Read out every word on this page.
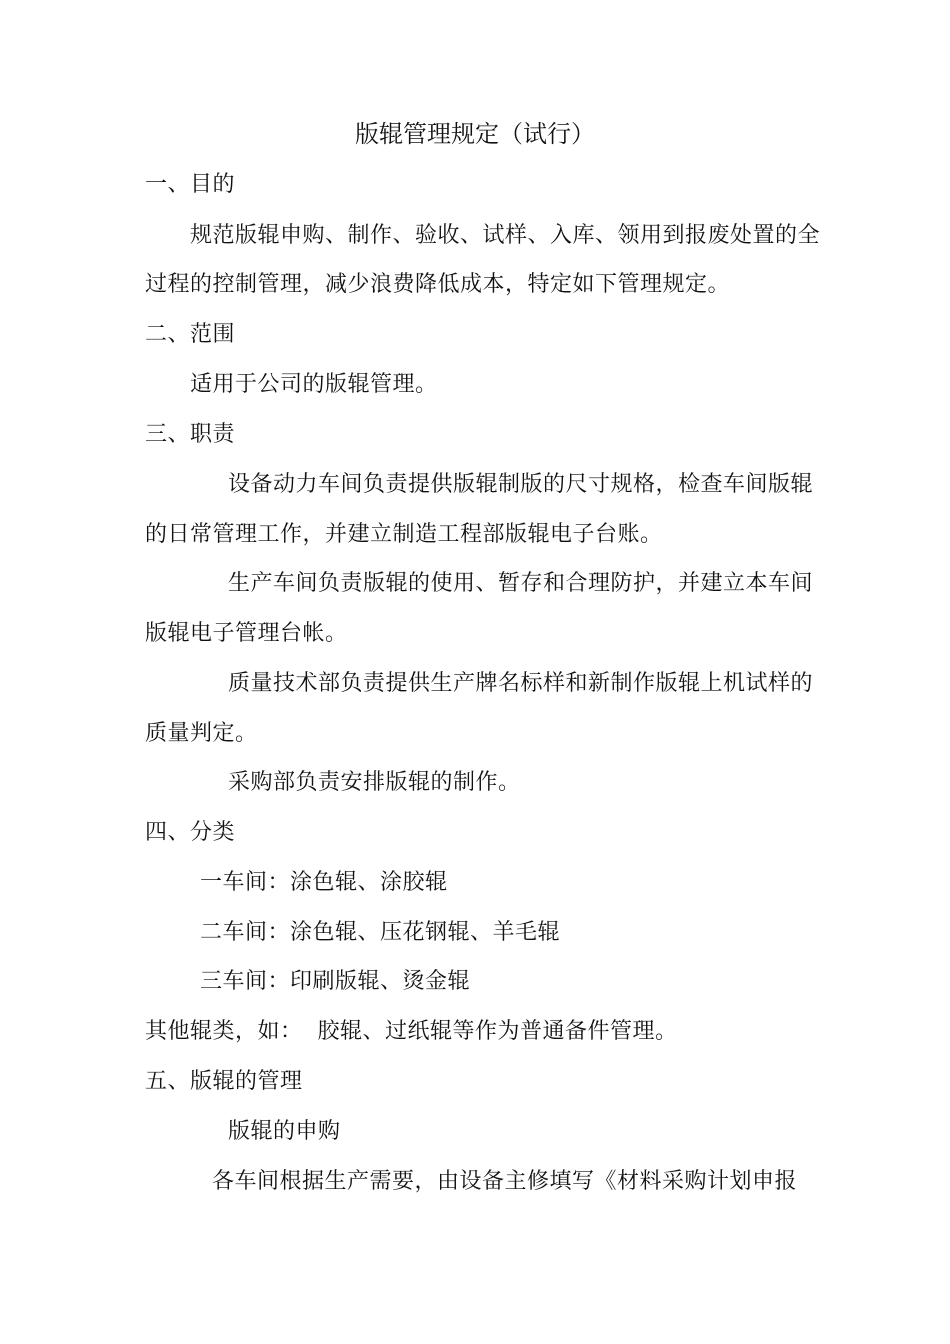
版辊管理规定（试行）
一、目的
规范版辊申购、制作、验收、试样、入库、领用到报废处置的全
过程的控制管理，减少浪费降低成本，特定如下管理规定。
二、范围
适用于公司的版辊管理。
三、职责
设备动力车间负责提供版辊制版的尺寸规格，检查车间版辊
的日常管理工作，并建立制造工程部版辊电子台账。
生产车间负责版辊的使用、暂存和合理防护，并建立本车间
版辊电子管理台帐。
质量技术部负责提供生产牌名标样和新制作版辊上机试样的
质量判定。
采购部负责安排版辊的制作。
四、分类
一车间：涂色辊、涂胶辊
二车间：涂色辊、压花钢辊、羊毛辊
三车间：印刷版辊、烫金辊
其他辊类，如：  胶辊、过纸辊等作为普通备件管理。
五、版辊的管理
版辊的申购
各车间根据生产需要，由设备主修填写《材料采购计划申报
